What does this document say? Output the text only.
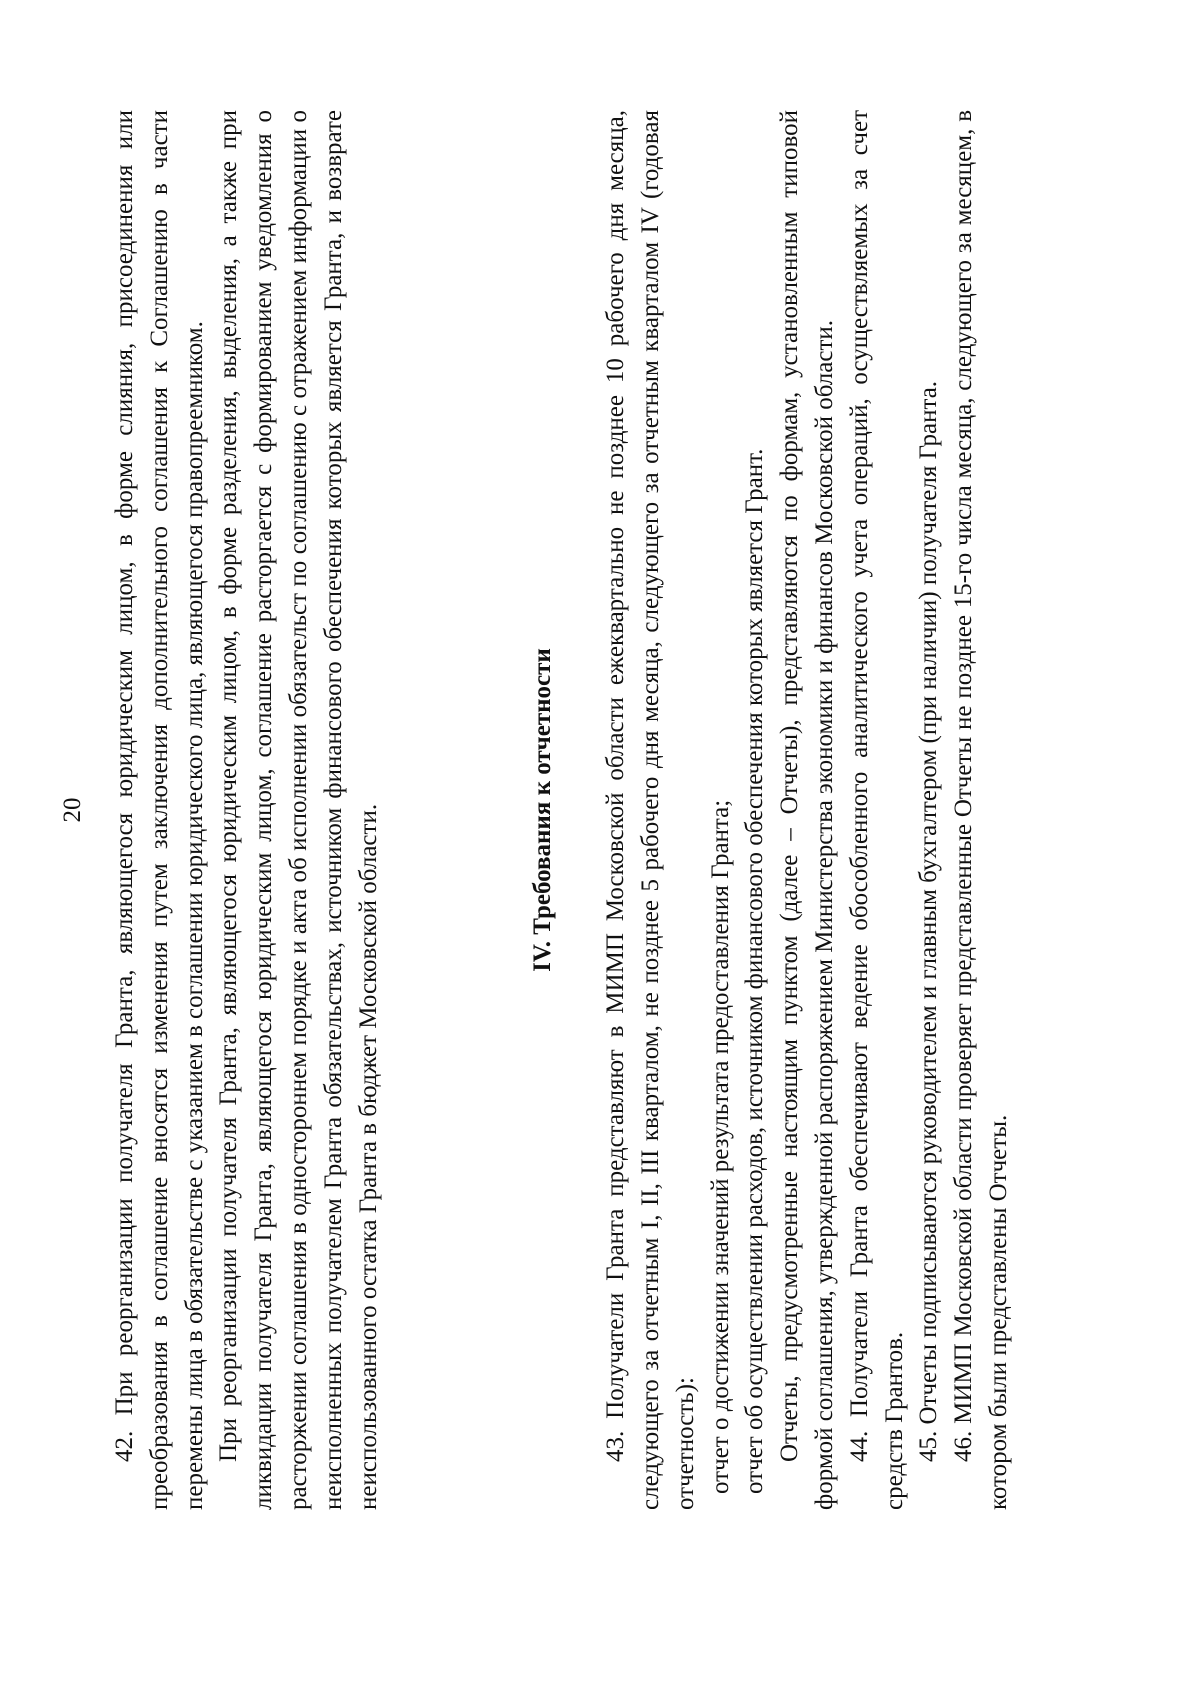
20 42. При реорганизации получателя Гранта, являющегося юридическим лицом, в форме слияния, присоединения или преобразования в соглашение вносятся изменения путем заключения дополнительного соглашения к Соглашению в части перемены лица в обязательстве с указанием в соглашении юридического лица, являющегося правопреемником. При реорганизации получателя Гранта, являющегося юридическим лицом, в форме разделения, выделения, а также при ликвидации получателя Гранта, являющегося юридическим лицом, соглашение расторгается с формированием уведомления о расторжении соглашения в одностороннем порядке и акта об исполнении обязательст по соглашению с отражением информации о неисполненных получателем Гранта обязательствах, источником финансового обеспечения которых является Гранта, и возврате неиспользованного остатка Гранта в бюджет Московской области.	IV. Требования к отчетности 43. Получатели Гранта представляют в МИМП Московской области ежеквартально не позднее 10 рабочего дня месяца, следующего за отчетным I, II, III кварталом, не позднее 5 рабочего дня месяца, следующего за отчетным кварталом IV (годовая отчетность): отчет о достижении значений результата предоставления Гранта; отчет об осуществлении расходов, источником финансового обеспечения которых является Грант. Отчеты, предусмотренные настоящим пунктом (далее – Отчеты), представляются по формам, установленным типовой формой соглашения, утвержденной распоряжением Министерства экономики и финансов Московской области. 44. Получатели Гранта обеспечивают ведение обособленного аналитического учета операций, осуществляемых за счет средств Грантов. 45. Отчеты подписываются руководителем и главным бухгалтером (при наличии) получателя Гранта. 46. МИМП Московской области проверяет представленные Отчеты не позднее 15-го числа месяца, следующего за месяцем, в котором были представлены Отчеты.
